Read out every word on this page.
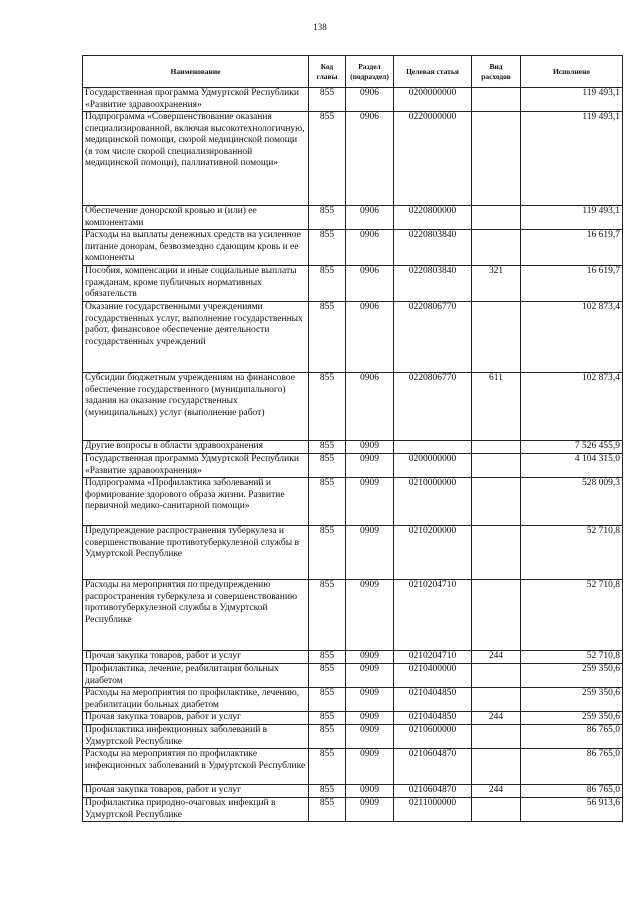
138
Наименование	Код главы	Раздел (подраздел)	Целевая статья	Вид расходов	Исполнено
Государственная программа Удмуртской Республики «Развитие здравоохранения»	855	0906	0200000000		119 493,1
Подпрограмма «Совершенствование оказания специализированной, включая высокотехнологичную, медицинской помощи, скорой медицинской помощи (в том числе скорой специализированной медицинской помощи), паллиативной помощи»	855	0906	0220000000		119 493,1
Обеспечение донорской кровью и (или) ее компонентами	855	0906	0220800000		119 493,1
Расходы на выплаты денежных средств на усиленное питание донорам, безвозмездно сдающим кровь и ее компоненты	855	0906	0220803840		16 619,7
Пособия, компенсации и иные социальные выплаты гражданам, кроме публичных нормативных обязательств	855	0906	0220803840	321	16 619,7
Оказание государственными учреждениями государственных услуг, выполнение государственных работ, финансовое обеспечение деятельности государственных учреждений	855	0906	0220806770		102 873,4
Субсидии бюджетным учреждениям на финансовое обеспечение государственного (муниципального) задания на оказание государственных (муниципальных) услуг (выполнение работ)	855	0906	0220806770	611	102 873,4
Другие вопросы в области здравоохранения	855	0909			7 526 455,9
Государственная программа Удмуртской Республики «Развитие здравоохранения»	855	0909	0200000000		4 104 315,0
Подпрограмма «Профилактика заболеваний и формирование здорового образа жизни. Развитие первичной медико-санитарной помощи»	855	0909	0210000000		528 009,3
Предупреждение распространения туберкулеза и совершенствование противотуберкулезной службы в Удмуртской Республике	855	0909	0210200000		52 710,8
Расходы на мероприятия по предупреждению распространения туберкулеза и совершенствованию противотуберкулезной службы в Удмуртской Республике	855	0909	0210204710		52 710,8
Прочая закупка товаров, работ и услуг	855	0909	0210204710	244	52 710,8
Профилактика, лечение, реабилитация больных диабетом	855	0909	0210400000		259 350,6
Расходы на мероприятия по профилактике, лечению, реабилитации больных диабетом	855	0909	0210404850		259 350,6
Прочая закупка товаров, работ и услуг	855	0909	0210404850	244	259 350,6
Профилактика инфекционных заболеваний в Удмуртской Республике	855	0909	0210600000		86 765,0
Расходы на мероприятия по профилактике инфекционных заболеваний в Удмуртской Республике	855	0909	0210604870		86 765,0
Прочая закупка товаров, работ и услуг	855	0909	0210604870	244	86 765,0
Профилактика природно-очаговых инфекций в Удмуртской Республике	855	0909	0211000000		56 913,6
